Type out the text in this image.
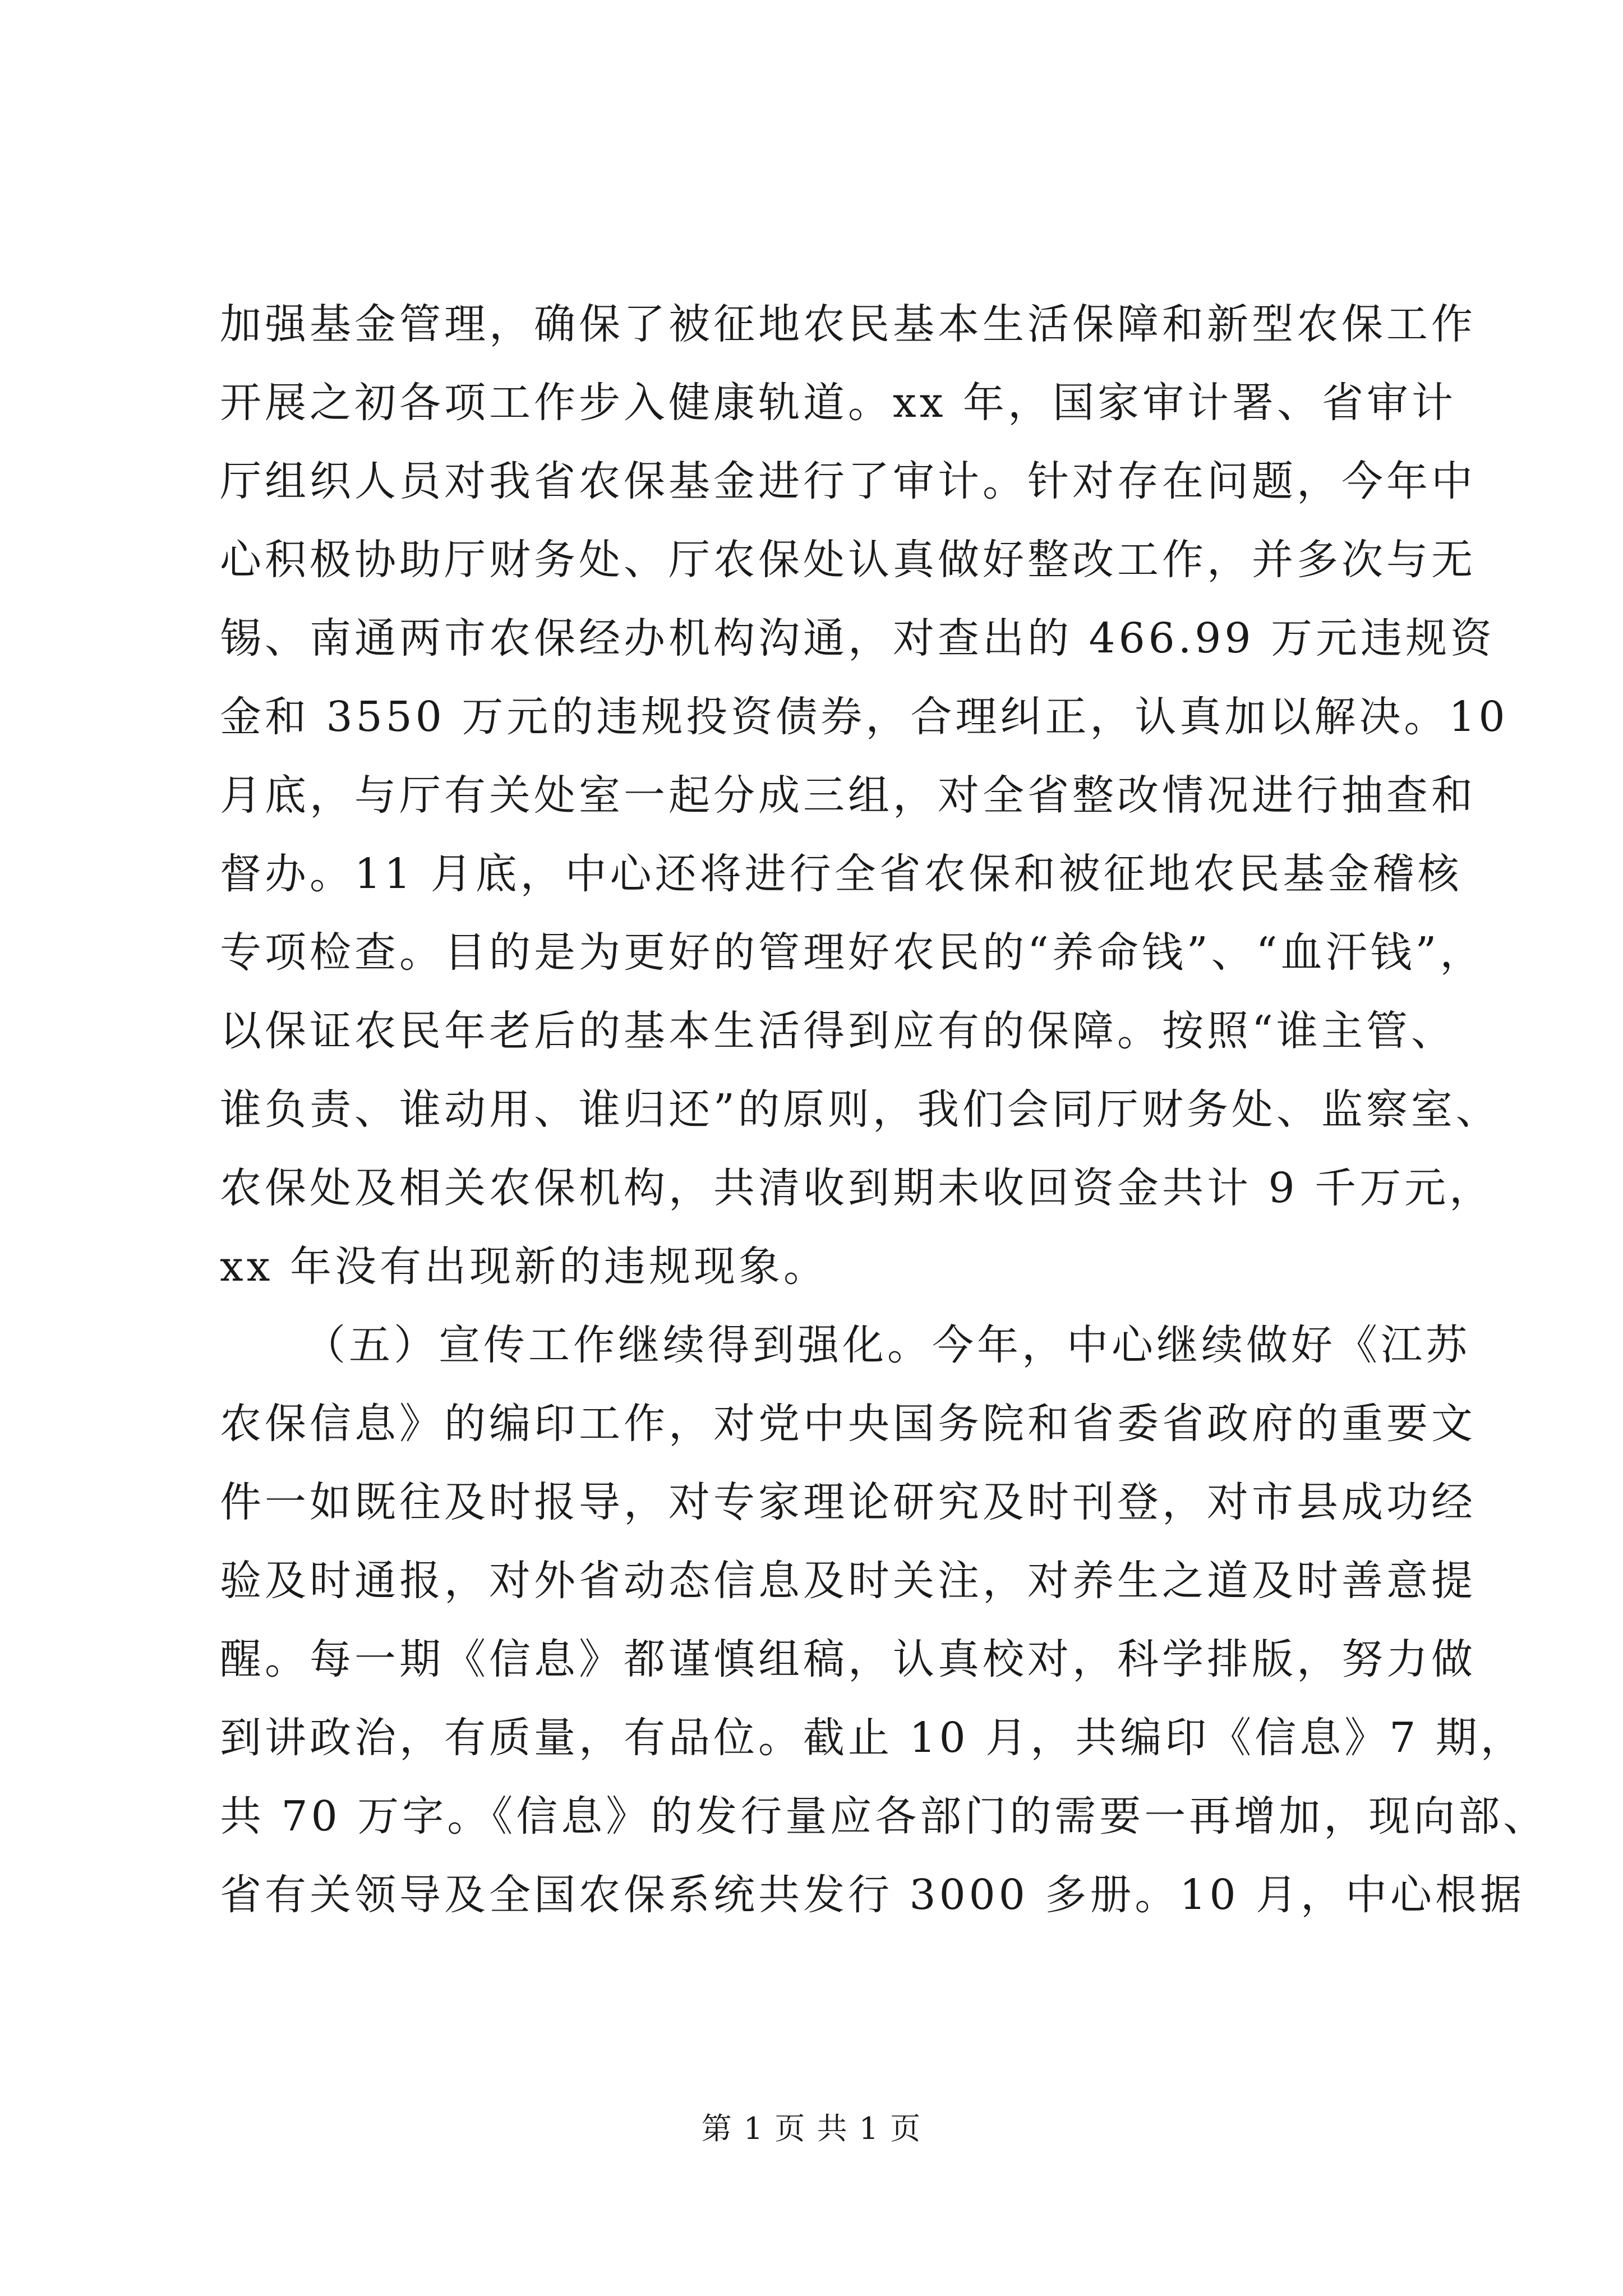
加强基金管理，确保了被征地农民基本生活保障和新型农保工作
开展之初各项工作步入健康轨道。xx 年，国家审计署、省审计
厅组织人员对我省农保基金进行了审计。针对存在问题，今年中
心积极协助厅财务处、厅农保处认真做好整改工作，并多次与无
锡、南通两市农保经办机构沟通，对查出的 466.99 万元违规资
金和 3550 万元的违规投资债券，合理纠正，认真加以解决。10
月底，与厅有关处室一起分成三组，对全省整改情况进行抽查和
督办。11 月底，中心还将进行全省农保和被征地农民基金稽核
专项检查。目的是为更好的管理好农民的“养命钱”、“血汗钱”，
以保证农民年老后的基本生活得到应有的保障。按照“谁主管、
谁负责、谁动用、谁归还”的原则，我们会同厅财务处、监察室、
农保处及相关农保机构，共清收到期未收回资金共计 9 千万元，
xx 年没有出现新的违规现象。
（五）宣传工作继续得到强化。今年，中心继续做好《江苏
农保信息》的编印工作，对党中央国务院和省委省政府的重要文
件一如既往及时报导，对专家理论研究及时刊登，对市县成功经
验及时通报，对外省动态信息及时关注，对养生之道及时善意提
醒。每一期《信息》都谨慎组稿，认真校对，科学排版，努力做
到讲政治，有质量，有品位。截止 10 月，共编印《信息》7 期，
共 70 万字。《信息》的发行量应各部门的需要一再增加，现向部、
省有关领导及全国农保系统共发行 3000 多册。10 月，中心根据
第 1 页 共 1 页
